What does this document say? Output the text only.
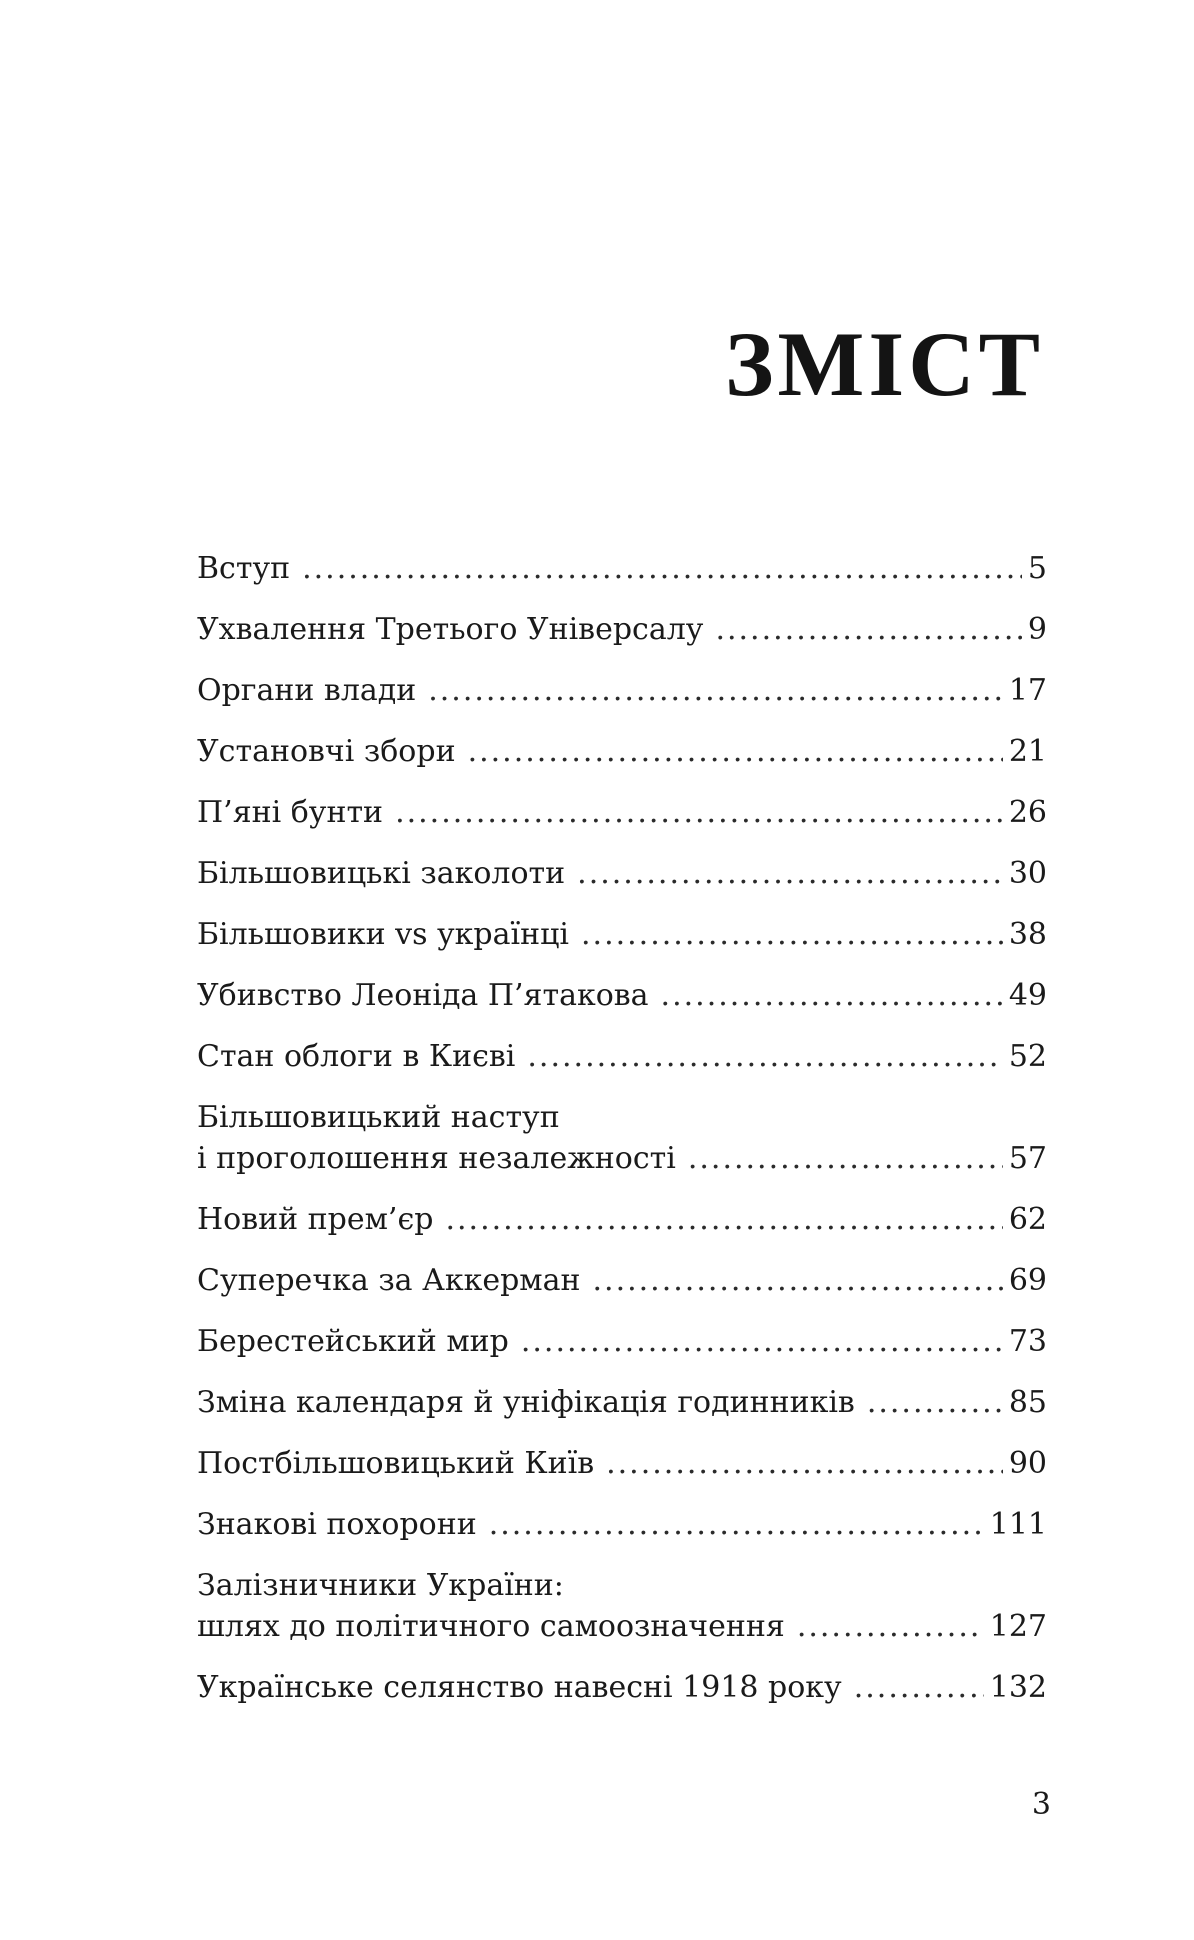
ЗМІСТ
Вступ .....	5
Ухвалення Третього Універсалу .....	9
Органи влади .....	17
Установчі збори .....	21
П’яні бунти .....	26
Більшовицькі заколоти .....	30
Більшовики vs українці .....	38
Убивство Леоніда П’ятакова .....	49
Стан облоги в Києві .....	52
Більшовицький наступ
і проголошення незалежності .....	57
Новий прем’єр .....	62
Суперечка за Аккерман .....	69
Берестейський мир .....	73
Зміна календаря й уніфікація годинників .....	85
Постбільшовицький Київ .....	90
Знакові похорони .....	111
Залізничники України:
шлях до політичного самоозначення .....	127
Українське селянство навесні 1918 року .....	132
3
